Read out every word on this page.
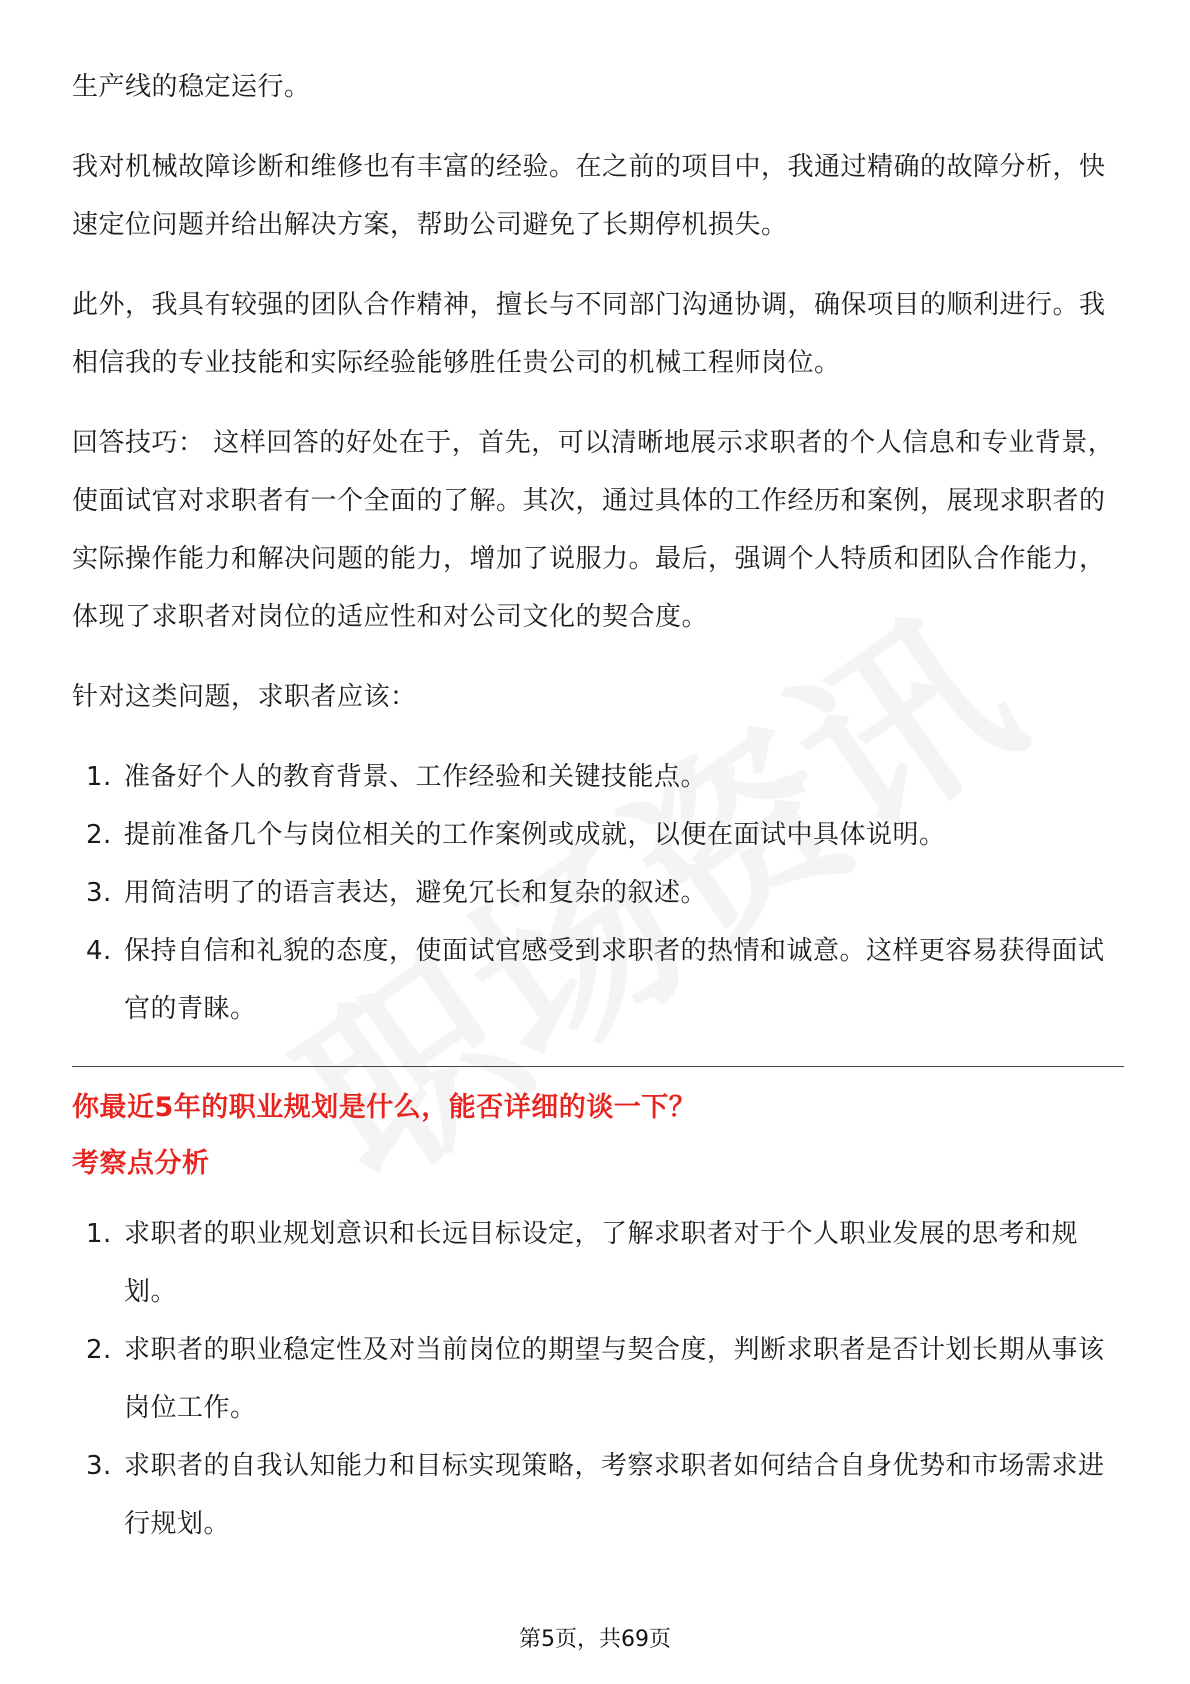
生产线的稳定运行。

我对机械故障诊断和维修也有丰富的经验。在之前的项目中，我通过精确的故障分析，快速定位问题并给出解决方案，帮助公司避免了长期停机损失。

此外，我具有较强的团队合作精神，擅长与不同部门沟通协调，确保项目的顺利进行。我相信我的专业技能和实际经验能够胜任贵公司的机械工程师岗位。

回答技巧： 这样回答的好处在于，首先，可以清晰地展示求职者的个人信息和专业背景，使面试官对求职者有一个全面的了解。其次，通过具体的工作经历和案例，展现求职者的实际操作能力和解决问题的能力，增加了说服力。最后，强调个人特质和团队合作能力，体现了求职者对岗位的适应性和对公司文化的契合度。

针对这类问题，求职者应该：

1. 准备好个人的教育背景、工作经验和关键技能点。
2. 提前准备几个与岗位相关的工作案例或成就，以便在面试中具体说明。
3. 用简洁明了的语言表达，避免冗长和复杂的叙述。
4. 保持自信和礼貌的态度，使面试官感受到求职者的热情和诚意。这样更容易获得面试官的青睐。
你最近5年的职业规划是什么，能否详细的谈一下？
考察点分析
1. 求职者的职业规划意识和长远目标设定，了解求职者对于个人职业发展的思考和规划。
2. 求职者的职业稳定性及对当前岗位的期望与契合度，判断求职者是否计划长期从事该岗位工作。
3. 求职者的自我认知能力和目标实现策略，考察求职者如何结合自身优势和市场需求进行规划。
第5页，共69页
